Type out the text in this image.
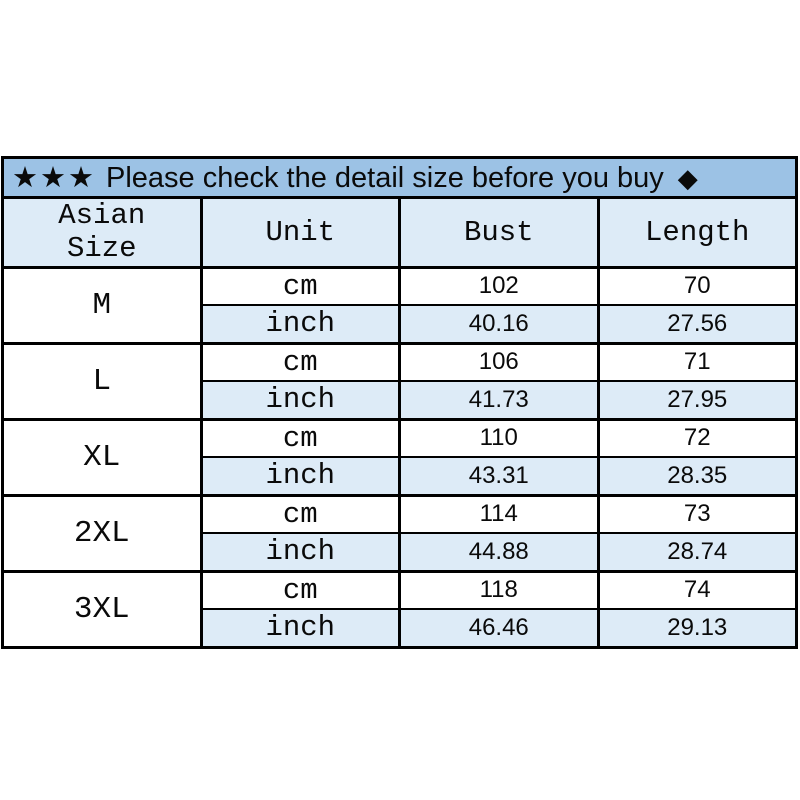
★★★ Please check the detail size before you buy ◆			
Asian Size	Unit	Bust	Length
M	cm	102	70
	inch	40.16	27.56
L	cm	106	71
	inch	41.73	27.95
XL	cm	110	72
	inch	43.31	28.35
2XL	cm	114	73
	inch	44.88	28.74
3XL	cm	118	74
	inch	46.46	29.13
